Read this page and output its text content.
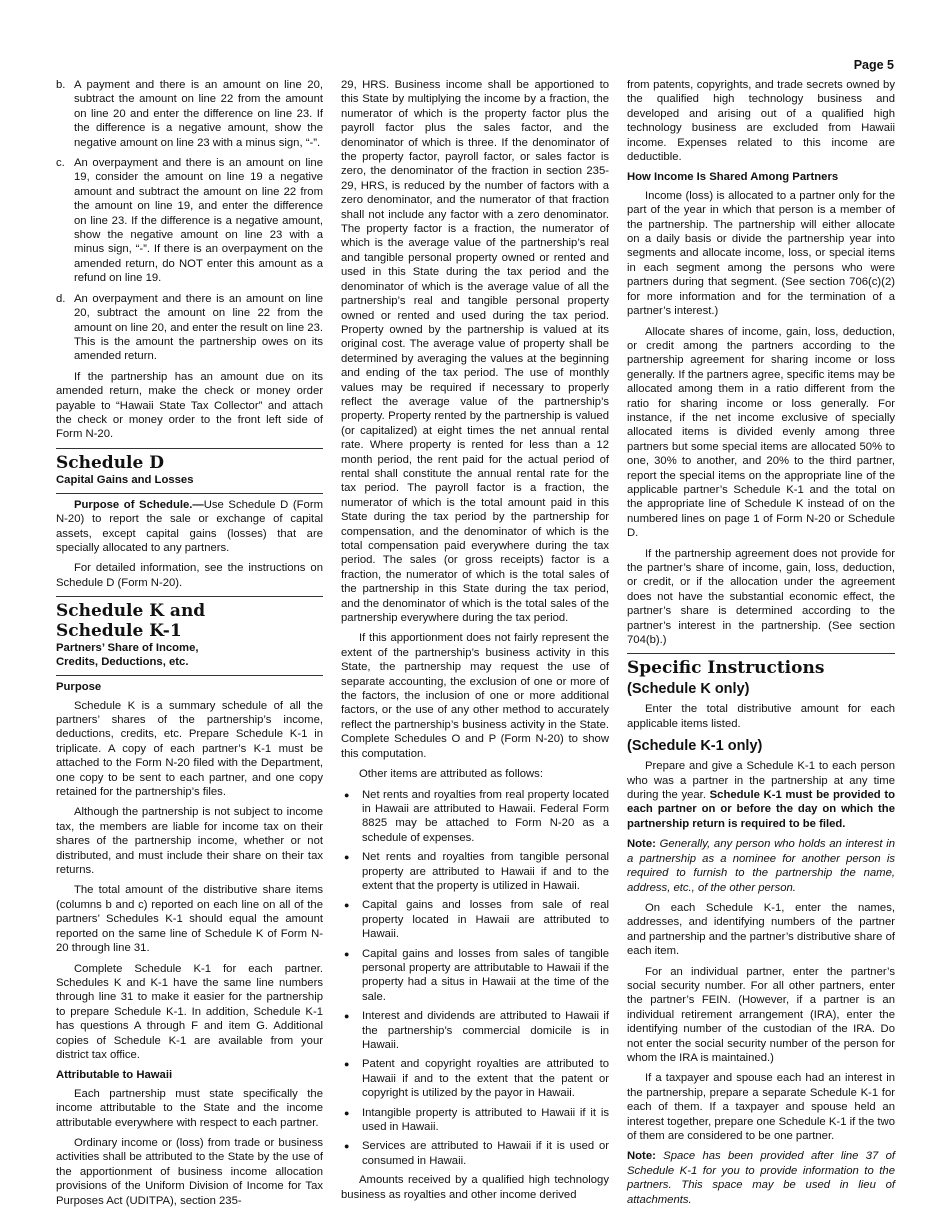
Page 5
b. A payment and there is an amount on line 20, subtract the amount on line 22 from the amount on line 20 and enter the difference on line 23. If the difference is a negative amount, show the negative amount on line 23 with a minus sign, “-”.
c. An overpayment and there is an amount on line 19, consider the amount on line 19 a negative amount and subtract the amount on line 22 from the amount on line 19, and enter the difference on line 23. If the difference is a negative amount, show the negative amount on line 23 with a minus sign, “-”. If there is an overpayment on the amended return, do NOT enter this amount as a refund on line 19.
d. An overpayment and there is an amount on line 20, subtract the amount on line 22 from the amount on line 20, and enter the result on line 23. This is the amount the partnership owes on its amended return.

If the partnership has an amount due on its amended return, make the check or money order payable to “Hawaii State Tax Collector” and attach the check or money order to the front left side of Form N-20.

Schedule D
Capital Gains and Losses

Purpose of Schedule.—Use Schedule D (Form N-20) to report the sale or exchange of capital assets, except capital gains (losses) that are specially allocated to any partners.

For detailed information, see the instructions on Schedule D (Form N-20).

Schedule K and
Schedule K-1
Partners’ Share of Income,
Credits, Deductions, etc.
Purpose

Schedule K is a summary schedule of all the partners’ shares of the partnership’s income, deductions, credits, etc. Prepare Schedule K-1 in triplicate. A copy of each partner’s K-1 must be attached to the Form N-20 filed with the Department, one copy to be sent to each partner, and one copy retained for the partnership’s files.

Although the partnership is not subject to income tax, the members are liable for income tax on their shares of the partnership income, whether or not distributed, and must include their share on their tax returns.

The total amount of the distributive share items (columns b and c) reported on each line on all of the partners’ Schedules K-1 should equal the amount reported on the same line of Schedule K of Form N-20 through line 31.

Complete Schedule K-1 for each partner. Schedules K and K-1 have the same line numbers through line 31 to make it easier for the partnership to prepare Schedule K-1. In addition, Schedule K-1 has questions A through F and item G. Additional copies of Schedule K-1 are available from your district tax office.

Attributable to Hawaii

Each partnership must state specifically the income attributable to the State and the income attributable everywhere with respect to each partner.

Ordinary income or (loss) from trade or business activities shall be attributed to the State by the use of the apportionment of business income allocation provisions of the Uniform Division of Income for Tax Purposes Act (UDITPA), section 235-

29, HRS. Business income shall be apportioned to this State by multiplying the income by a fraction, the numerator of which is the property factor plus the payroll factor plus the sales factor, and the denominator of which is three. If the denominator of the property factor, payroll factor, or sales factor is zero, the denominator of the fraction in section 235-29, HRS, is reduced by the number of factors with a zero denominator, and the numerator of that fraction shall not include any factor with a zero denominator. The property factor is a fraction, the numerator of which is the average value of the partnership’s real and tangible personal property owned or rented and used in this State during the tax period and the denominator of which is the average value of all the partnership’s real and tangible personal property owned or rented and used during the tax period. Property owned by the partnership is valued at its original cost. The average value of property shall be determined by averaging the values at the beginning and ending of the tax period. The use of monthly values may be required if necessary to properly reflect the average value of the partnership’s property. Property rented by the partnership is valued (or capitalized) at eight times the net annual rental rate. Where property is rented for less than a 12 month period, the rent paid for the actual period of rental shall constitute the annual rental rate for the tax period. The payroll factor is a fraction, the numerator of which is the total amount paid in this State during the tax period by the partnership for compensation, and the denominator of which is the total compensation paid everywhere during the tax period. The sales (or gross receipts) factor is a fraction, the numerator of which is the total sales of the partnership in this State during the tax period, and the denominator of which is the total sales of the partnership everywhere during the tax period.

If this apportionment does not fairly represent the extent of the partnership’s business activity in this State, the partnership may request the use of separate accounting, the exclusion of one or more of the factors, the inclusion of one or more additional factors, or the use of any other method to accurately reflect the partnership’s business activity in the State. Complete Schedules O and P (Form N-20) to show this computation.

Other items are attributed as follows:

●	Net rents and royalties from real property located in Hawaii are attributed to Hawaii. Federal Form 8825 may be attached to Form N-20 as a schedule of expenses.
●	Net rents and royalties from tangible personal property are attributed to Hawaii if and to the extent that the property is utilized in Hawaii.
●	Capital gains and losses from sale of real property located in Hawaii are attributed to Hawaii.
●	Capital gains and losses from sales of tangible personal property are attributable to Hawaii if the property had a situs in Hawaii at the time of the sale.
●	Interest and dividends are attributed to Hawaii if the partnership’s commercial domicile is in Hawaii.
●	Patent and copyright royalties are attributed to Hawaii if and to the extent that the patent or copyright is utilized by the payor in Hawaii.
●	Intangible property is attributed to Hawaii if it is used in Hawaii.
●	Services are attributed to Hawaii if it is used or consumed in Hawaii.

Amounts received by a qualified high technology business as royalties and other income derived

from patents, copyrights, and trade secrets owned by the qualified high technology business and developed and arising out of a qualified high technology business are excluded from Hawaii income. Expenses related to this income are deductible.

How Income Is Shared Among Partners

Income (loss) is allocated to a partner only for the part of the year in which that person is a member of the partnership. The partnership will either allocate on a daily basis or divide the partnership year into segments and allocate income, loss, or special items in each segment among the persons who were partners during that segment. (See section 706(c)(2) for more information and for the termination of a partner’s interest.)

Allocate shares of income, gain, loss, deduction, or credit among the partners according to the partnership agreement for sharing income or loss generally. If the partners agree, specific items may be allocated among them in a ratio different from the ratio for sharing income or loss generally. For instance, if the net income exclusive of specially allocated items is divided evenly among three partners but some special items are allocated 50% to one, 30% to another, and 20% to the third partner, report the special items on the appropriate line of the applicable partner’s Schedule K-1 and the total on the appropriate line of Schedule K instead of on the numbered lines on page 1 of Form N-20 or Schedule D.

If the partnership agreement does not provide for the partner’s share of income, gain, loss, deduction, or credit, or if the allocation under the agreement does not have the substantial economic effect, the partner’s share is determined according to the partner’s interest in the partnership. (See section 704(b).)

Specific Instructions
(Schedule K only)

Enter the total distributive amount for each applicable items listed.

(Schedule K-1 only)

Prepare and give a Schedule K-1 to each person who was a partner in the partnership at any time during the year. Schedule K-1 must be provided to each partner on or before the day on which the partnership return is required to be filed.

Note: Generally, any person who holds an interest in a partnership as a nominee for another person is required to furnish to the partnership the name, address, etc., of the other person.

On each Schedule K-1, enter the names, addresses, and identifying numbers of the partner and partnership and the partner’s distributive share of each item.

For an individual partner, enter the partner’s social security number. For all other partners, enter the partner’s FEIN. (However, if a partner is an individual retirement arrangement (IRA), enter the identifying number of the custodian of the IRA. Do not enter the social security number of the person for whom the IRA is maintained.)

If a taxpayer and spouse each had an interest in the partnership, prepare a separate Schedule K-1 for each of them. If a taxpayer and spouse held an interest together, prepare one Schedule K-1 if the two of them are considered to be one partner.

Note: Space has been provided after line 37 of Schedule K-1 for you to provide information to the partners. This space may be used in lieu of attachments.
